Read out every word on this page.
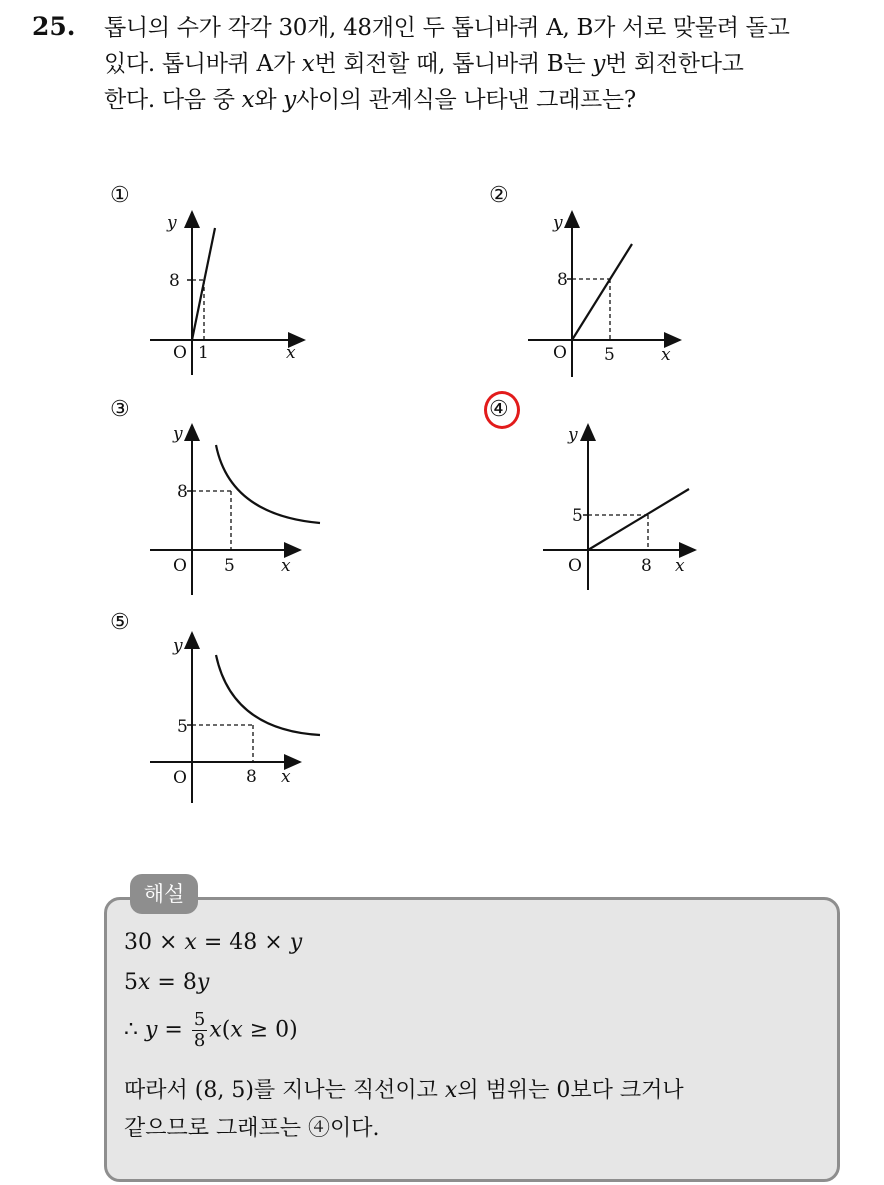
25. 톱니의 수가 각각 30개, 48개인 두 톱니바퀴 A, B가 서로 맞물려 돌고
있다. 톱니바퀴 A가 x번 회전할 때, 톱니바퀴 B는 y번 회전한다고
한다. 다음 중 x와 y사이의 관계식을 나타낸 그래프는?
①	②
③	④
⑤
y
8
O 1	x
y
8
O 5	x
y
8
O 5	x
y
5
O	8 x
y
5
O	8 x
해설
30 × x = 48 × y
5x = 8y
∴ $y = \frac{5}{8} x(x \ge 0)$
따라서 (8, 5)를 지나는 직선이고 x의 범위는 0보다 크거나
같으므로 그래프는 ④이다.
